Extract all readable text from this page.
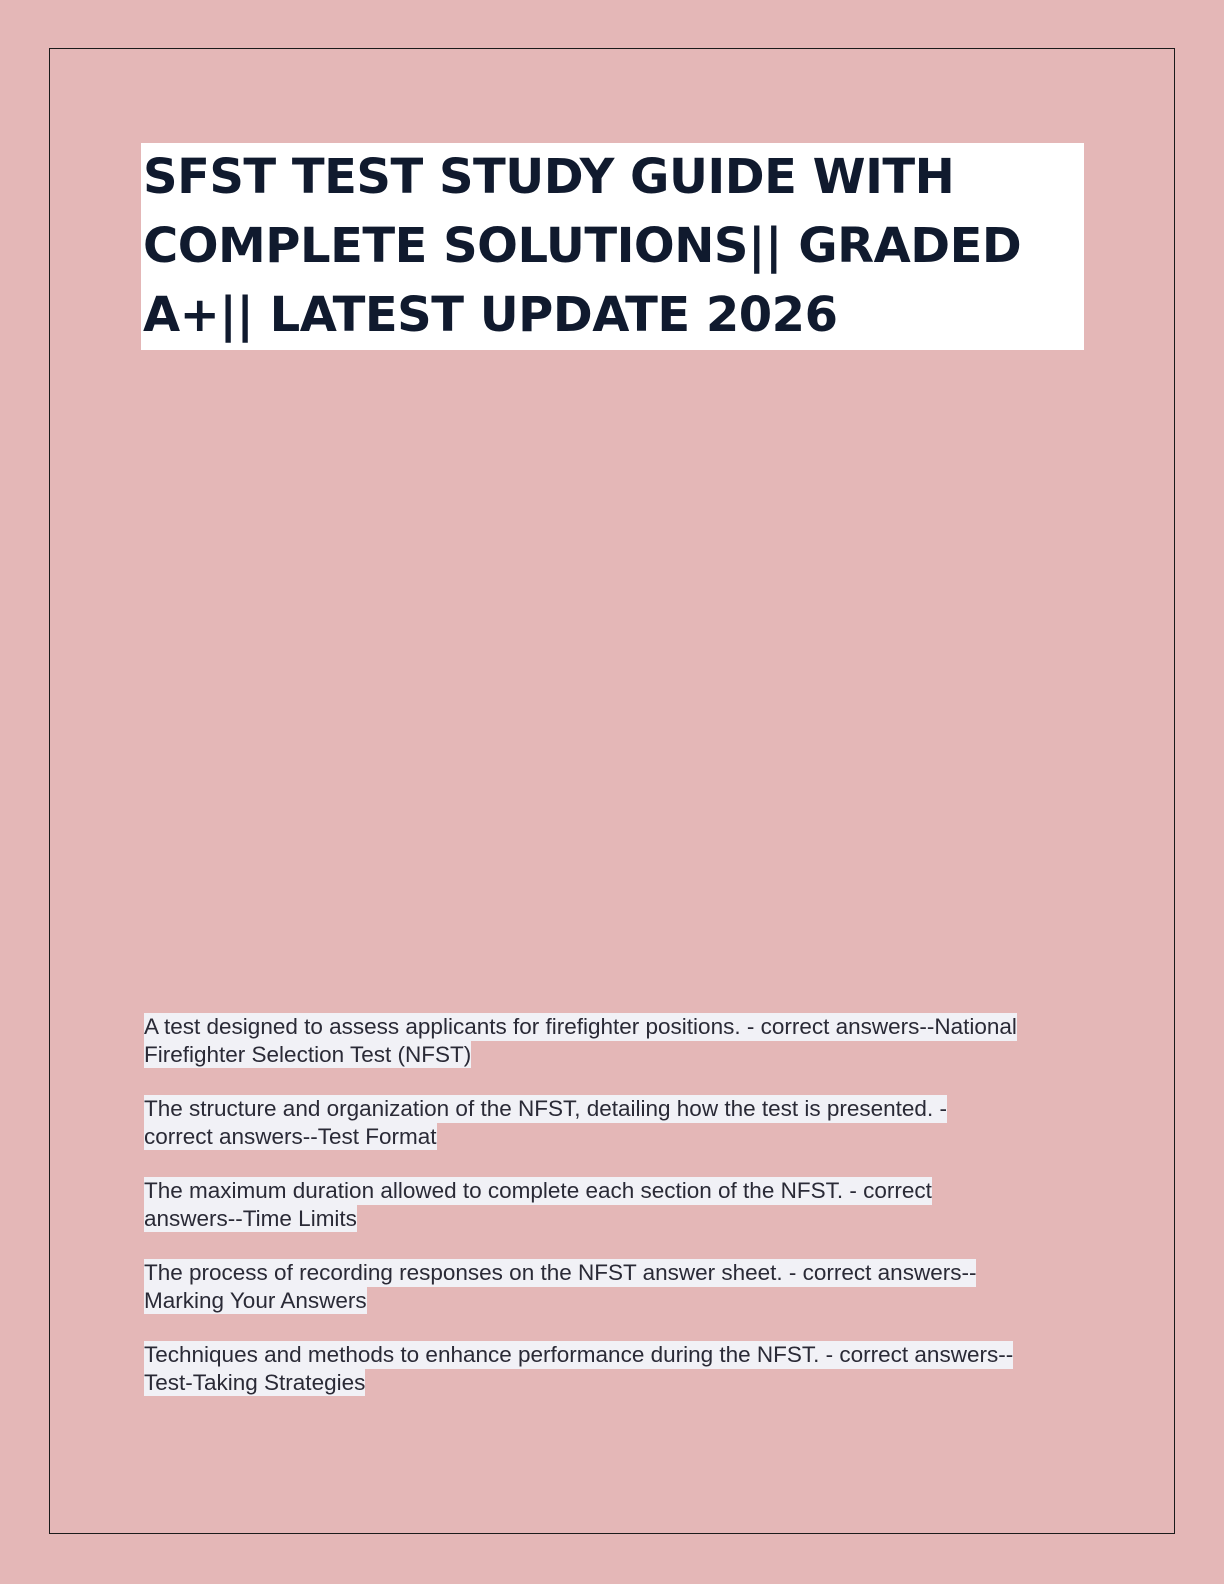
SFST TEST STUDY GUIDE WITH
COMPLETE SOLUTIONS|| GRADED
A+|| LATEST UPDATE 2026
A test designed to assess applicants for firefighter positions. - correct answers--National
Firefighter Selection Test (NFST)
The structure and organization of the NFST, detailing how the test is presented. -
correct answers--Test Format
The maximum duration allowed to complete each section of the NFST. - correct
answers--Time Limits
The process of recording responses on the NFST answer sheet. - correct answers--
Marking Your Answers
Techniques and methods to enhance performance during the NFST. - correct answers--
Test-Taking Strategies
